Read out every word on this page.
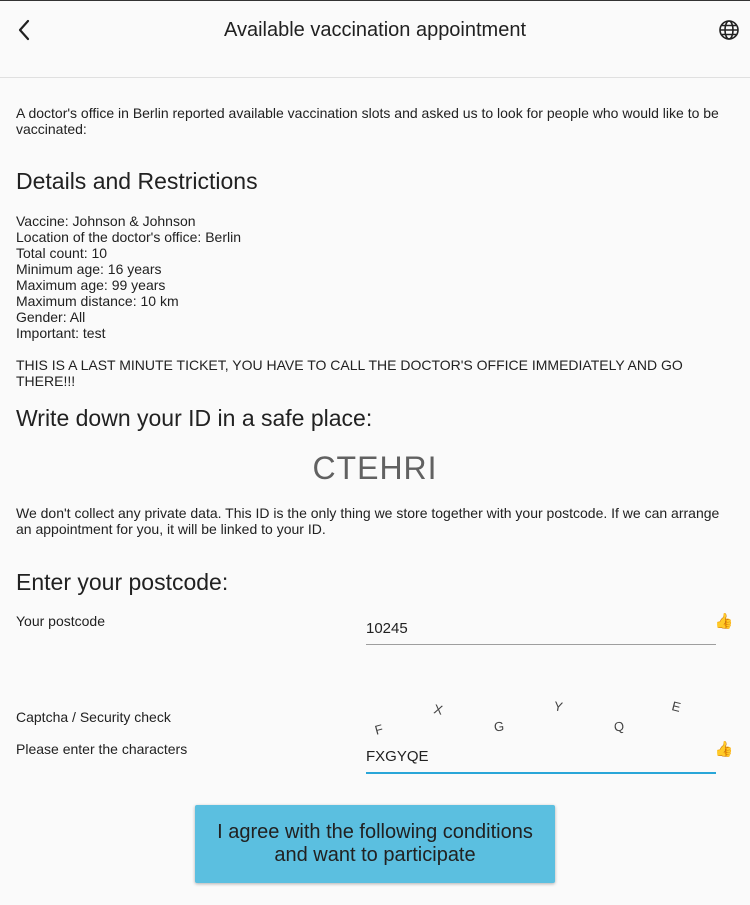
Available vaccination appointment

A doctor's office in Berlin reported available vaccination slots and asked us to look for people who would like to be vaccinated:

Details and Restrictions
Vaccine: Johnson & Johnson
Location of the doctor's office: Berlin
Total count: 10
Minimum age: 16 years
Maximum age: 99 years
Maximum distance: 10 km
Gender: All
Important: test

THIS IS A LAST MINUTE TICKET, YOU HAVE TO CALL THE DOCTOR'S OFFICE IMMEDIATELY AND GO THERE!!!

Write down your ID in a safe place:
CTEHRI

We don't collect any private data. This ID is the only thing we store together with your postcode. If we can arrange an appointment for you, it will be linked to your ID.

Enter your postcode:
Your postcode	10245	👍
Captcha / Security check
F
X
G
Y
Q
E
Please enter the characters	FXGYQE	👍
I agree with the following conditions
and want to participate
